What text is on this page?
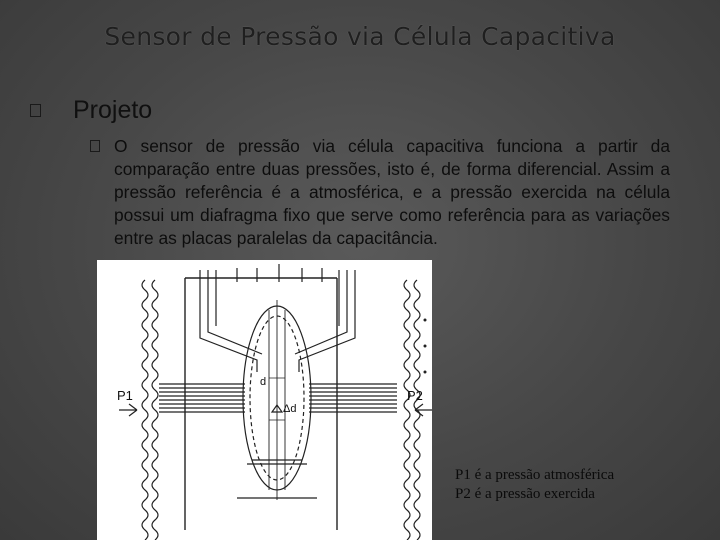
Sensor de Pressão via Célula Capacitiva
Projeto
O sensor de pressão via célula capacitiva funciona a partir da comparação entre duas pressões, isto é, de forma diferencial. Assim a pressão referência é a atmosférica, e a pressão exercida na célula possui um diafragma fixo que serve como referência para as variações entre as placas paralelas da capacitância.
P1	P2
d
Δd
P1 é a pressão atmosférica
P2 é a pressão exercida
